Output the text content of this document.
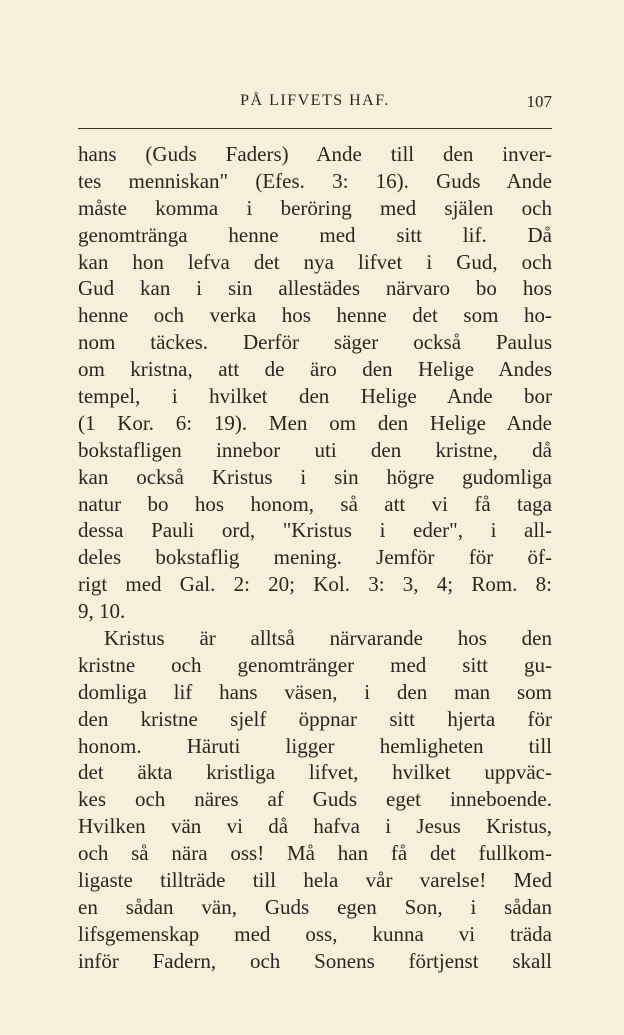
PÅ LIFVETS HAF.	107
hans (Guds Faders) Ande till den inver-
tes menniskan" (Efes. 3: 16). Guds Ande
måste komma i beröring med själen och
genomtränga henne med sitt lif. Då
kan hon lefva det nya lifvet i Gud, och
Gud kan i sin allestädes närvaro bo hos
henne och verka hos henne det som ho-
nom täckes. Derför säger också Paulus
om kristna, att de äro den Helige Andes
tempel, i hvilket den Helige Ande bor
(1 Kor. 6: 19). Men om den Helige Ande
bokstafligen innebor uti den kristne, då
kan också Kristus i sin högre gudomliga
natur bo hos honom, så att vi få taga
dessa Pauli ord, "Kristus i eder", i all-
deles bokstaflig mening. Jemför för öf-
rigt med Gal. 2: 20; Kol. 3: 3, 4; Rom. 8:
9, 10.
Kristus är alltså närvarande hos den
kristne och genomtränger med sitt gu-
domliga lif hans väsen, i den man som
den kristne sjelf öppnar sitt hjerta för
honom. Häruti ligger hemligheten till
det äkta kristliga lifvet, hvilket uppväc-
kes och näres af Guds eget inneboende.
Hvilken vän vi då hafva i Jesus Kristus,
och så nära oss! Må han få det fullkom-
ligaste tillträde till hela vår varelse! Med
en sådan vän, Guds egen Son, i sådan
lifsgemenskap med oss, kunna vi träda
inför Fadern, och Sonens förtjenst skall
